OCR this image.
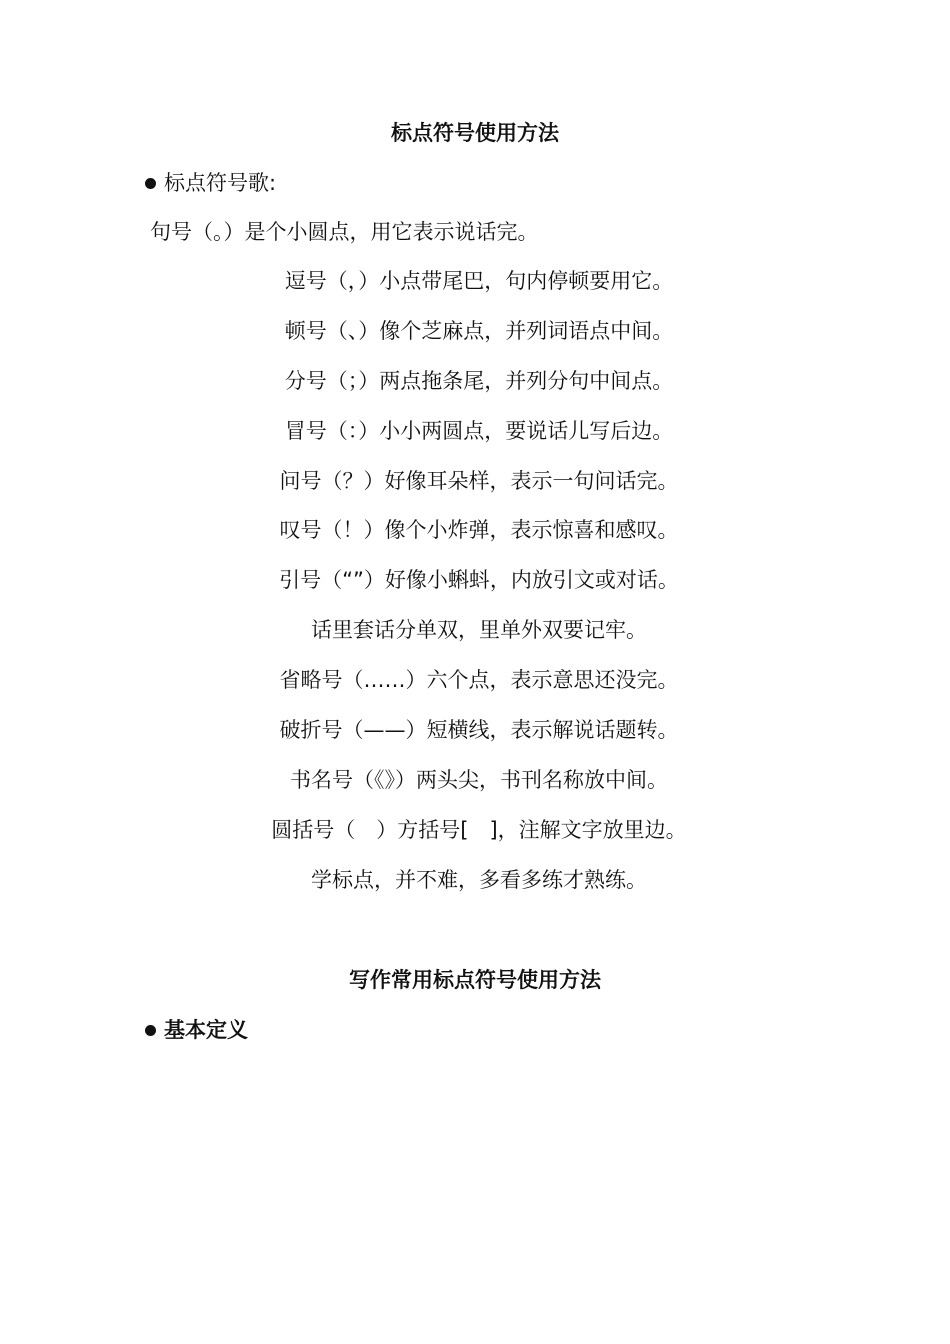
标点符号使用方法
标点符号歌:
句号（。）是个小圆点，用它表示说话完。
逗号（，）小点带尾巴，句内停顿要用它。
顿号（、）像个芝麻点，并列词语点中间。
分号（；）两点拖条尾，并列分句中间点。
冒号（：）小小两圆点，要说话儿写后边。
问号（？）好像耳朵样，表示一句问话完。
叹号（！）像个小炸弹，表示惊喜和感叹。
引号（“”）好像小蝌蚪，内放引文或对话。
话里套话分单双，里单外双要记牢。
省略号（……）六个点，表示意思还没完。
破折号（——）短横线，表示解说话题转。
书名号（《》）两头尖，书刊名称放中间。
圆括号（　）方括号[　]，注解文字放里边。
学标点，并不难，多看多练才熟练。
写作常用标点符号使用方法
基本定义
